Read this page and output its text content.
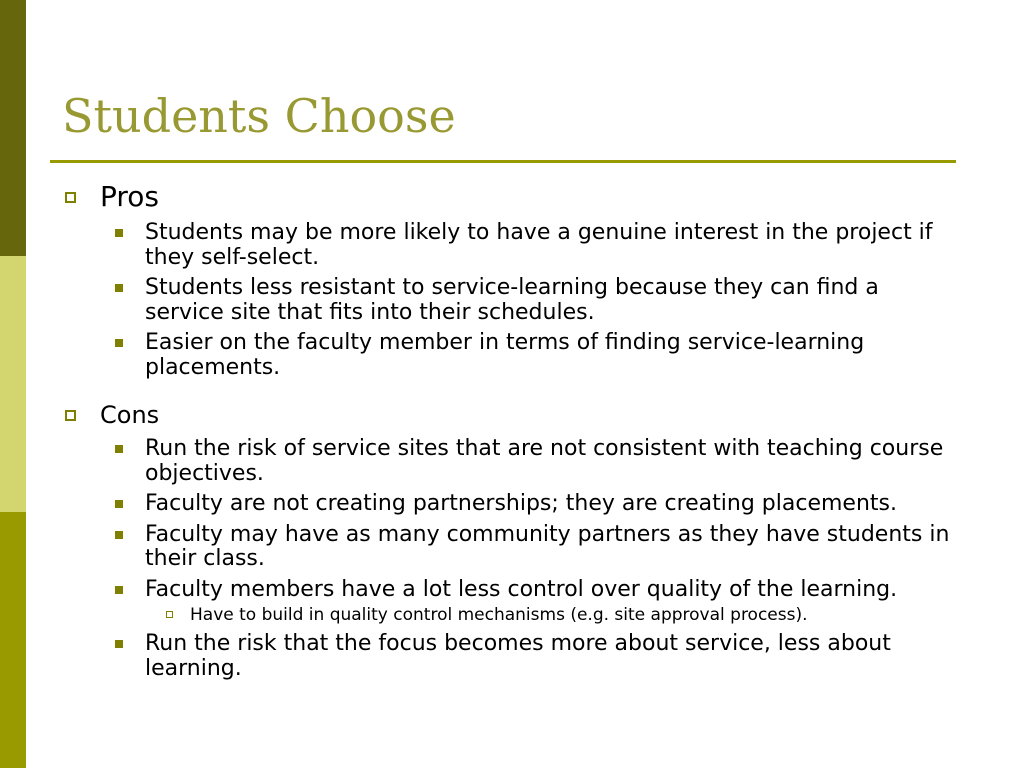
Students Choose
Pros
Students may be more likely to have a genuine interest in the project if they self-select.
Students less resistant to service-learning because they can find a service site that fits into their schedules.
Easier on the faculty member in terms of finding service-learning placements.
Cons
Run the risk of service sites that are not consistent with teaching course objectives.
Faculty are not creating partnerships; they are creating placements.
Faculty may have as many community partners as they have students in their class.
Faculty members have a lot less control over quality of the learning.
Have to build in quality control mechanisms (e.g. site approval process).
Run the risk that the focus becomes more about service, less about learning.
